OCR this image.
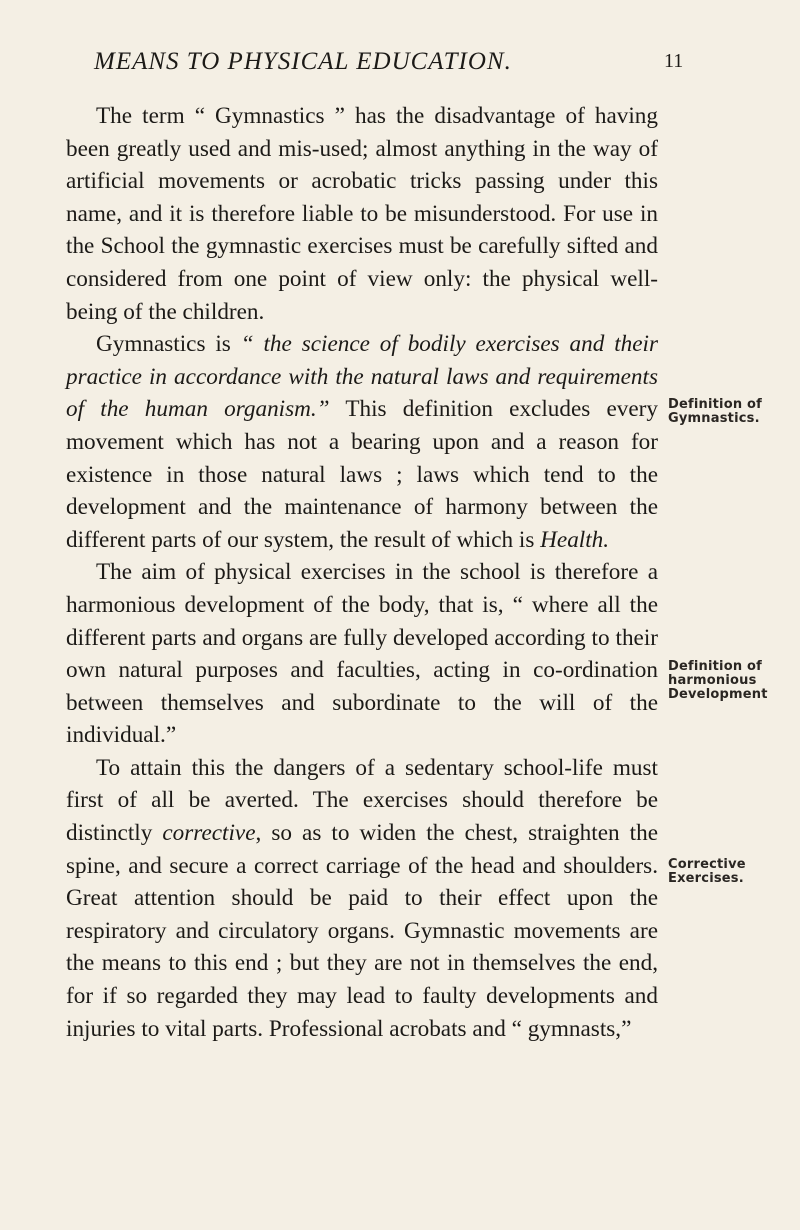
MEANS TO PHYSICAL EDUCATION.	11

The term “ Gymnastics ” has the disadvantage of having been greatly used and mis-used; almost anything in the way of artificial movements or acrobatic tricks passing under this name, and it is therefore liable to be misunderstood. For use in the School the gymnastic exercises must be carefully sifted and considered from one point of view only: the physical well-being of the children.

Gymnastics is “ the science of bodily exercises and their practice in accordance with the natural laws and requirements of the human organism.” This definition excludes every movement which has not a bearing upon and a reason for existence in those natural laws ; laws which tend to the development and the maintenance of harmony between the different parts of our system, the result of which is Health.

The aim of physical exercises in the school is therefore a harmonious development of the body, that is, “ where all the different parts and organs are fully developed according to their own natural purposes and faculties, acting in co-ordination between themselves and subordinate to the will of the individual.”

To attain this the dangers of a sedentary school-life must first of all be averted. The exercises should therefore be distinctly corrective, so as to widen the chest, straighten the spine, and secure a correct carriage of the head and shoulders. Great attention should be paid to their effect upon the respiratory and circulatory organs. Gymnastic movements are the means to this end ; but they are not in themselves the end, for if so regarded they may lead to faulty developments and injuries to vital parts. Professional acrobats and “ gymnasts,”

Definition of
Gymnastics.
Definition of
harmonious
Development
Corrective
Exercises.
